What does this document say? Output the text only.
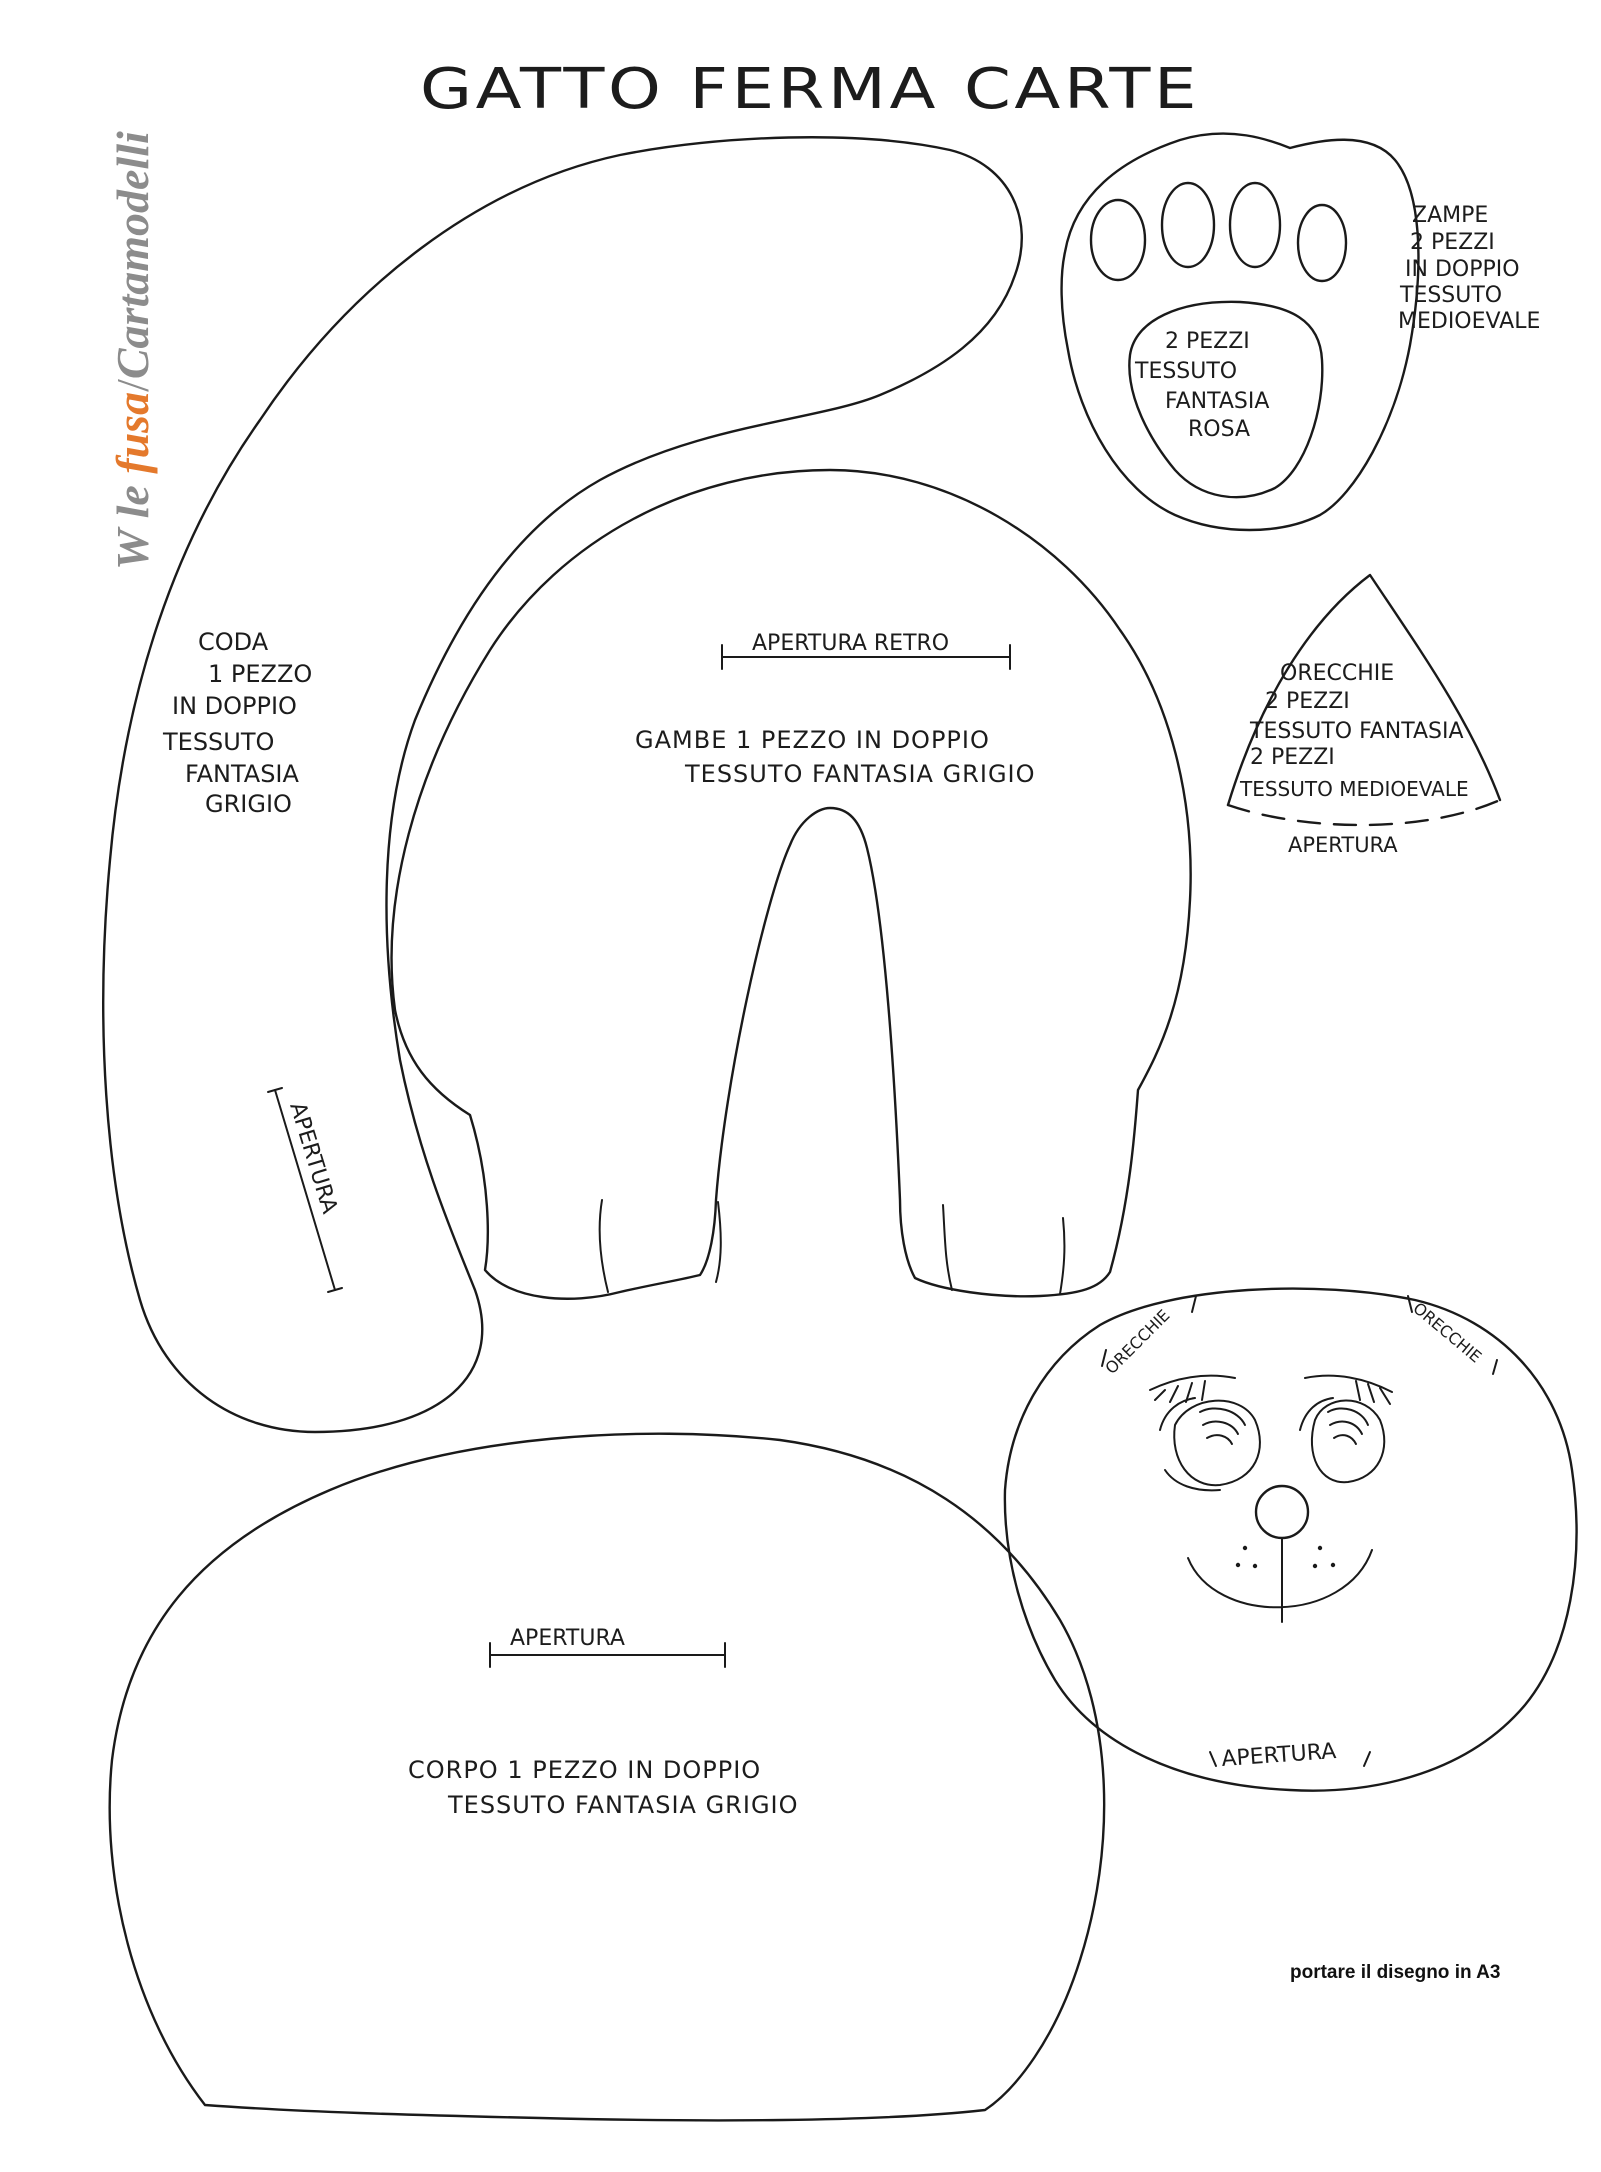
GATTO FERMA CARTE
CODA
1 PEZZO
IN DOPPIO
TESSUTO
FANTASIA
GRIGIO
APERTURA
2 PEZZI
TESSUTO
FANTASIA
ROSA
ZAMPE
2 PEZZI
IN DOPPIO
TESSUTO
MEDIOEVALE
ORECCHIE
2 PEZZI
TESSUTO FANTASIA
2 PEZZI
TESSUTO MEDIOEVALE
APERTURA
APERTURA RETRO
GAMBE 1 PEZZO IN DOPPIO
TESSUTO FANTASIA GRIGIO
ORECCHIE	ORECCHIE
APERTURA
APERTURA
CORPO 1 PEZZO IN DOPPIO
TESSUTO FANTASIA GRIGIO
W le fusa/Cartamodelli
portare il disegno in A3
